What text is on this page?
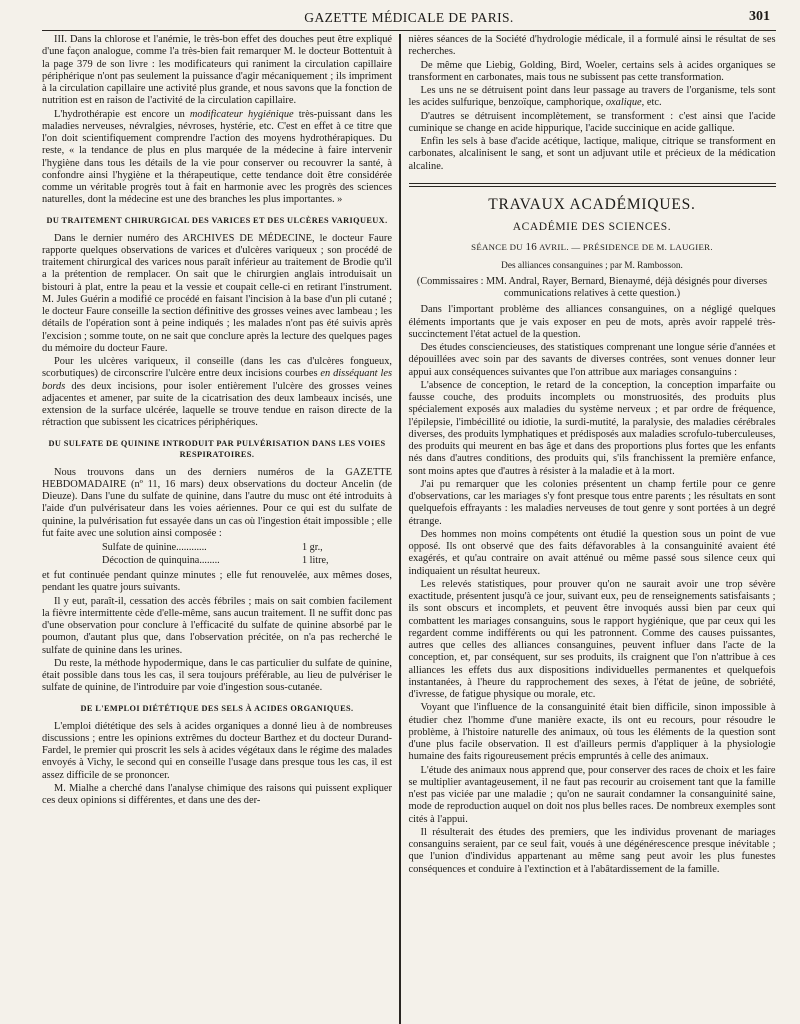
GAZETTE MÉDICALE DE PARIS.	301

III. Dans la chlorose et l'anémie, le très-bon effet des douches peut être expliqué d'une façon analogue, comme l'a très-bien fait remarquer M. le docteur Bottentuit à la page 379 de son livre : les modificateurs qui raniment la circulation capillaire périphérique n'ont pas seulement la puissance d'agir mécaniquement ; ils impriment à la circulation capillaire une activité plus grande, et nous savons que la fonction de nutrition est en raison de l'activité de la circulation capillaire.

L'hydrothérapie est encore un modificateur hygiénique très-puissant dans les maladies nerveuses, névralgies, névroses, hystérie, etc. C'est en effet à ce titre que l'on doit scientifiquement comprendre l'action des moyens hydrothérapiques. Du reste, « la tendance de plus en plus marquée de la médecine à faire intervenir l'hygiène dans tous les détails de la vie pour conserver ou recouvrer la santé, à confondre ainsi l'hygiène et la thérapeutique, cette tendance doit être considérée comme un véritable progrès tout à fait en harmonie avec les progrès des sciences naturelles, dont la médecine est une des branches les plus importantes. »

DU TRAITEMENT CHIRURGICAL DES VARICES ET DES ULCÈRES VARIQUEUX.

Dans le dernier numéro des ARCHIVES DE MÉDECINE, le docteur Faure rapporte quelques observations de varices et d'ulcères variqueux ; son procédé de traitement chirurgical des varices nous paraît inférieur au traitement de Brodie qu'il a la prétention de remplacer. On sait que le chirurgien anglais introduisait un bistouri à plat, entre la peau et la vessie et coupait celle-ci en retirant l'instrument. M. Jules Guérin a modifié ce procédé en faisant l'incision à la base d'un pli cutané ; le docteur Faure conseille la section définitive des grosses veines avec lambeau ; les détails de l'opération sont à peine indiqués ; les malades n'ont pas été suivis après l'excision ; somme toute, on ne sait que conclure après la lecture des quelques pages du mémoire du docteur Faure.

Pour les ulcères variqueux, il conseille (dans les cas d'ulcères fongueux, scorbutiques) de circonscrire l'ulcère entre deux incisions courbes en disséquant les bords des deux incisions, pour isoler entièrement l'ulcère des grosses veines adjacentes et amener, par suite de la cicatrisation des deux lambeaux incisés, une extension de la surface ulcérée, laquelle se trouve tendue en raison directe de la rétraction que subissent les cicatrices périphériques.

DU SULFATE DE QUININE INTRODUIT PAR PULVÉRISATION DANS LES VOIES RESPIRATOIRES.

Nous trouvons dans un des derniers numéros de la GAZETTE HEBDOMADAIRE (nº 11, 16 mars) deux observations du docteur Ancelin (de Dieuze). Dans l'une du sulfate de quinine, dans l'autre du musc ont été introduits à l'aide d'un pulvérisateur dans les voies aériennes. Pour ce qui est du sulfate de quinine, la pulvérisation fut essayée dans un cas où l'ingestion était impossible ; elle fut faite avec une solution ainsi composée :

Sulfate de quinine............	1 gr.,
Décoction de quinquina........	1 litre,

et fut continuée pendant quinze minutes ; elle fut renouvelée, aux mêmes doses, pendant les quatre jours suivants.

Il y eut, paraît-il, cessation des accès fébriles ; mais on sait combien facilement la fièvre intermittente cède d'elle-même, sans aucun traitement. Il ne suffit donc pas d'une observation pour conclure à l'efficacité du sulfate de quinine absorbé par le poumon, d'autant plus que, dans l'observation précitée, on n'a pas recherché le sulfate de quinine dans les urines.

Du reste, la méthode hypodermique, dans le cas particulier du sulfate de quinine, était possible dans tous les cas, il sera toujours préférable, au lieu de pulvériser le sulfate de quinine, de l'introduire par voie d'ingestion sous-cutanée.

DE L'EMPLOI DIÉTÉTIQUE DES SELS À ACIDES ORGANIQUES.

L'emploi diététique des sels à acides organiques a donné lieu à de nombreuses discussions ; entre les opinions extrêmes du docteur Barthez et du docteur Durand-Fardel, le premier qui proscrit les sels à acides végétaux dans le régime des malades envoyés à Vichy, le second qui en conseille l'usage dans presque tous les cas, il est assez difficile de se prononcer.

M. Mialhe a cherché dans l'analyse chimique des raisons qui puissent expliquer ces deux opinions si différentes, et dans une des der-

nières séances de la Société d'hydrologie médicale, il a formulé ainsi le résultat de ses recherches.

De même que Liebig, Golding, Bird, Woeler, certains sels à acides organiques se transforment en carbonates, mais tous ne subissent pas cette transformation.

Les uns ne se détruisent point dans leur passage au travers de l'organisme, tels sont les acides sulfurique, benzoïque, camphorique, oxalique, etc.

D'autres se détruisent incomplètement, se transforment : c'est ainsi que l'acide cuminique se change en acide hippurique, l'acide succinique en acide gallique.

Enfin les sels à base d'acide acétique, lactique, malique, citrique se transforment en carbonates, alcalinisent le sang, et sont un adjuvant utile et précieux de la médication alcaline.

TRAVAUX ACADÉMIQUES.
ACADÉMIE DES SCIENCES.
SÉANCE DU 16 AVRIL. — PRÉSIDENCE DE M. LAUGIER.
Des alliances consanguines ; par M. Rambosson.
(Commissaires : MM. Andral, Rayer, Bernard, Bienaymé, déjà désignés pour diverses communications relatives à cette question.)

Dans l'important problème des alliances consanguines, on a négligé quelques éléments importants que je vais exposer en peu de mots, après avoir rappelé très-succinctement l'état actuel de la question.

Des études consciencieuses, des statistiques comprenant une longue série d'années et dépouillées avec soin par des savants de diverses contrées, sont venues donner leur appui aux conséquences suivantes que l'on attribue aux mariages consanguins :

L'absence de conception, le retard de la conception, la conception imparfaite ou fausse couche, des produits incomplets ou monstruosités, des produits plus spécialement exposés aux maladies du système nerveux ; et par ordre de fréquence, l'épilepsie, l'imbécillité ou idiotie, la surdi-mutité, la paralysie, des maladies cérébrales diverses, des produits lymphatiques et prédisposés aux maladies scrofulo-tuberculeuses, des produits qui meurent en bas âge et dans des proportions plus fortes que les enfants nés dans d'autres conditions, des produits qui, s'ils franchissent la première enfance, sont moins aptes que d'autres à résister à la maladie et à la mort.

J'ai pu remarquer que les colonies présentent un champ fertile pour ce genre d'observations, car les mariages s'y font presque tous entre parents ; les résultats en sont quelquefois effrayants : les maladies nerveuses de tout genre y sont portées à un degré étrange.

Des hommes non moins compétents ont étudié la question sous un point de vue opposé. Ils ont observé que des faits défavorables à la consanguinité avaient été exagérés, et qu'au contraire on avait atténué ou même passé sous silence ceux qui indiquaient un résultat heureux.

Les relevés statistiques, pour prouver qu'on ne saurait avoir une trop sévère exactitude, présentent jusqu'à ce jour, suivant eux, peu de renseignements satisfaisants ; ils sont obscurs et incomplets, et peuvent être invoqués aussi bien par ceux qui combattent les mariages consanguins, sous le rapport hygiénique, que par ceux qui les regardent comme indifférents ou qui les patronnent. Comme des causes puissantes, autres que celles des alliances consanguines, peuvent influer dans l'acte de la conception, et, par conséquent, sur ses produits, ils craignent que l'on n'attribue à ces alliances les effets dus aux dispositions individuelles permanentes et quelquefois instantanées, à l'heure du rapprochement des sexes, à l'état de jeûne, de sobriété, d'ivresse, de fatigue physique ou morale, etc.

Voyant que l'influence de la consanguinité était bien difficile, sinon impossible à étudier chez l'homme d'une manière exacte, ils ont eu recours, pour résoudre le problème, à l'histoire naturelle des animaux, où tous les éléments de la question sont d'une plus facile observation. Il est d'ailleurs permis d'appliquer à la physiologie humaine des faits rigoureusement précis empruntés à celle des animaux.

L'étude des animaux nous apprend que, pour conserver des races de choix et les faire se multiplier avantageusement, il ne faut pas recourir au croisement tant que la famille n'est pas viciée par une maladie ; qu'on ne saurait condamner la consanguinité saine, mode de reproduction auquel on doit nos plus belles races. De nombreux exemples sont cités à l'appui.

Il résulterait des études des premiers, que les individus provenant de mariages consanguins seraient, par ce seul fait, voués à une dégénérescence presque inévitable ; que l'union d'individus appartenant au même sang peut avoir les plus funestes conséquences et conduire à l'extinction et à l'abâtardissement de la famille.
